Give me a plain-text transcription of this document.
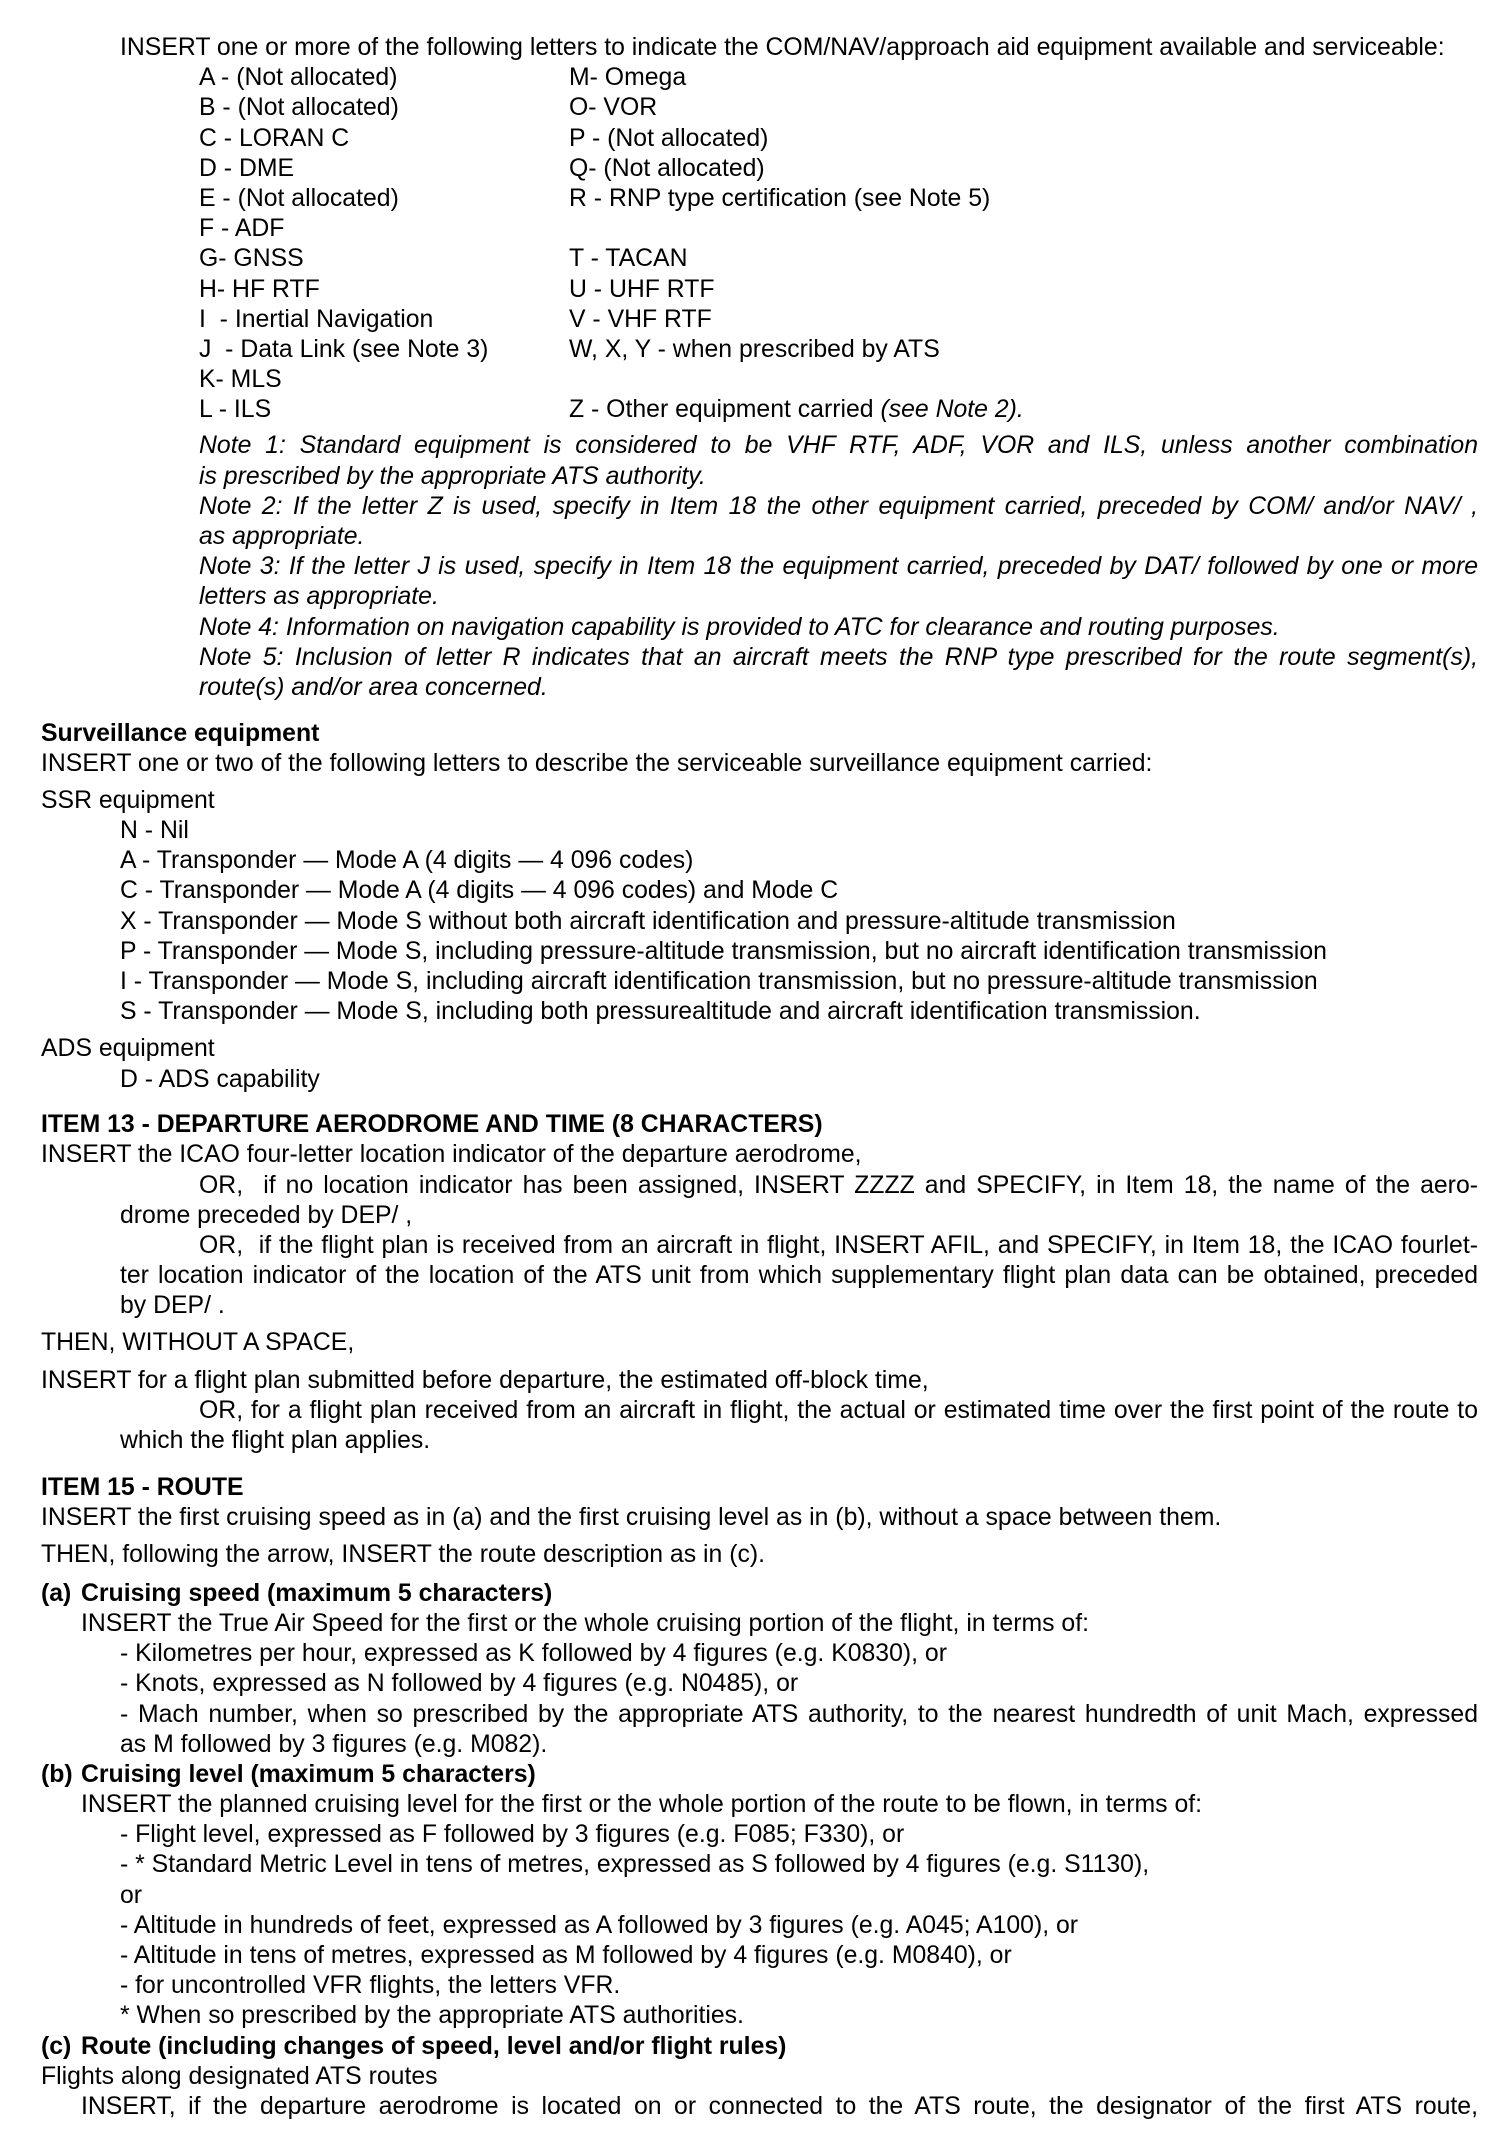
INSERT one or more of the following letters to indicate the COM/NAV/approach aid equipment available and serviceable:
A - (Not allocated)	M- Omega
B - (Not allocated)	O- VOR
C - LORAN C	P - (Not allocated)
D - DME	Q- (Not allocated)
E - (Not allocated)	R - RNP type certification (see Note 5)
F - ADF
G- GNSS	T - TACAN
H- HF RTF	U - UHF RTF
I  - Inertial Navigation	V - VHF RTF
J  - Data Link (see Note 3)	W, X, Y - when prescribed by ATS
K- MLS
L - ILS	Z - Other equipment carried (see Note 2).
Note 1: Standard equipment is considered to be VHF RTF, ADF, VOR and ILS, unless another combination
is prescribed by the appropriate ATS authority.
Note 2: If the letter Z is used, specify in Item 18 the other equipment carried, preceded by COM/ and/or NAV/ ,
as appropriate.
Note 3: If the letter J is used, specify in Item 18 the equipment carried, preceded by DAT/ followed by one or more
letters as appropriate.
Note 4: Information on navigation capability is provided to ATC for clearance and routing purposes.
Note 5: Inclusion of letter R indicates that an aircraft meets the RNP type prescribed for the route segment(s),
route(s) and/or area concerned.
Surveillance equipment
INSERT one or two of the following letters to describe the serviceable surveillance equipment carried:
SSR equipment
N - Nil
A - Transponder — Mode A (4 digits — 4 096 codes)
C - Transponder — Mode A (4 digits — 4 096 codes) and Mode C
X - Transponder — Mode S without both aircraft identification and pressure-altitude transmission
P - Transponder — Mode S, including pressure-altitude transmission, but no aircraft identification transmission
I - Transponder — Mode S, including aircraft identification transmission, but no pressure-altitude transmission
S - Transponder — Mode S, including both pressurealtitude and aircraft identification transmission.
ADS equipment
D - ADS capability
ITEM 13 - DEPARTURE AERODROME AND TIME (8 CHARACTERS)
INSERT the ICAO four-letter location indicator of the departure aerodrome,
OR,  if no location indicator has been assigned, INSERT ZZZZ and SPECIFY, in Item 18, the name of the aero-
drome preceded by DEP/ ,
OR,  if the flight plan is received from an aircraft in flight, INSERT AFIL, and SPECIFY, in Item 18, the ICAO fourlet-
ter location indicator of the location of the ATS unit from which supplementary flight plan data can be obtained, preceded
by DEP/ .
THEN, WITHOUT A SPACE,
INSERT for a flight plan submitted before departure, the estimated off-block time,
OR, for a flight plan received from an aircraft in flight, the actual or estimated time over the first point of the route to
which the flight plan applies.
ITEM 15 - ROUTE
INSERT the first cruising speed as in (a) and the first cruising level as in (b), without a space between them.
THEN, following the arrow, INSERT the route description as in (c).
(a) Cruising speed (maximum 5 characters)
INSERT the True Air Speed for the first or the whole cruising portion of the flight, in terms of:
- Kilometres per hour, expressed as K followed by 4 figures (e.g. K0830), or
- Knots, expressed as N followed by 4 figures (e.g. N0485), or
- Mach number, when so prescribed by the appropriate ATS authority, to the nearest hundredth of unit Mach, expressed
as M followed by 3 figures (e.g. M082).
(b) Cruising level (maximum 5 characters)
INSERT the planned cruising level for the first or the whole portion of the route to be flown, in terms of:
- Flight level, expressed as F followed by 3 figures (e.g. F085; F330), or
- * Standard Metric Level in tens of metres, expressed as S followed by 4 figures (e.g. S1130),
or
- Altitude in hundreds of feet, expressed as A followed by 3 figures (e.g. A045; A100), or
- Altitude in tens of metres, expressed as M followed by 4 figures (e.g. M0840), or
- for uncontrolled VFR flights, the letters VFR.
* When so prescribed by the appropriate ATS authorities.
(c) Route (including changes of speed, level and/or flight rules)
Flights along designated ATS routes
INSERT, if the departure aerodrome is located on or connected to the ATS route, the designator of the first ATS route,
